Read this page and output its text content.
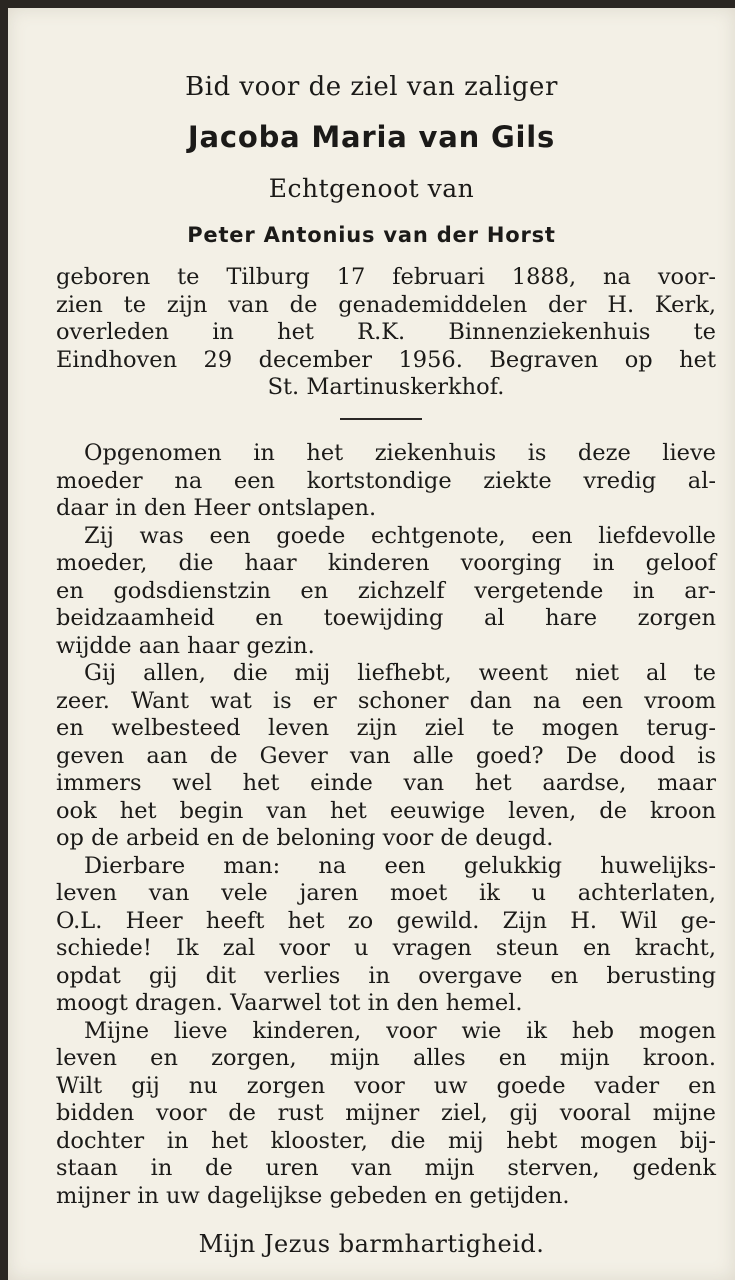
Bid voor de ziel van zaliger
Jacoba Maria van Gils
Echtgenoot van
Peter Antonius van der Horst
geboren te Tilburg 17 februari 1888, na voor-
zien te zijn van de genademiddelen der H. Kerk,
overleden in het R.K. Binnenziekenhuis te
Eindhoven 29 december 1956. Begraven op het
St. Martinuskerkhof.
Opgenomen in het ziekenhuis is deze lieve
moeder na een kortstondige ziekte vredig al-
daar in den Heer ontslapen.
Zij was een goede echtgenote, een liefdevolle
moeder, die haar kinderen voorging in geloof
en godsdienstzin en zichzelf vergetende in ar-
beidzaamheid en toewijding al hare zorgen
wijdde aan haar gezin.
Gij allen, die mij liefhebt, weent niet al te
zeer. Want wat is er schoner dan na een vroom
en welbesteed leven zijn ziel te mogen terug-
geven aan de Gever van alle goed? De dood is
immers wel het einde van het aardse, maar
ook het begin van het eeuwige leven, de kroon
op de arbeid en de beloning voor de deugd.
Dierbare man: na een gelukkig huwelijks-
leven van vele jaren moet ik u achterlaten,
O.L. Heer heeft het zo gewild. Zijn H. Wil ge-
schiede! Ik zal voor u vragen steun en kracht,
opdat gij dit verlies in overgave en berusting
moogt dragen. Vaarwel tot in den hemel.
Mijne lieve kinderen, voor wie ik heb mogen
leven en zorgen, mijn alles en mijn kroon.
Wilt gij nu zorgen voor uw goede vader en
bidden voor de rust mijner ziel, gij vooral mijne
dochter in het klooster, die mij hebt mogen bij-
staan in de uren van mijn sterven, gedenk
mijner in uw dagelijkse gebeden en getijden.
Mijn Jezus barmhartigheid.
